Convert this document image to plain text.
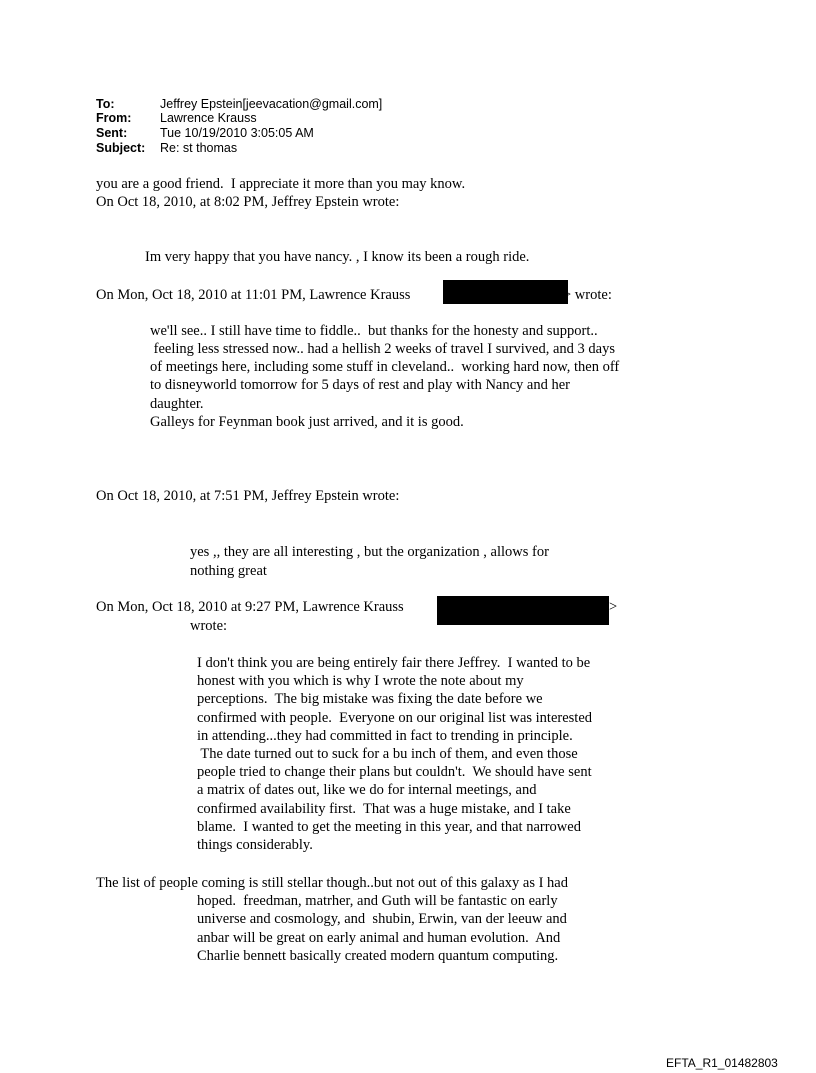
To:	Jeffrey Epstein[jeevacation@gmail.com]
From: Lawrence Krauss
Sent:	Tue 10/19/2010 3:05:05 AM
Subject: Re: st thomas

you are a good friend.  I appreciate it more than you may know.

On Oct 18, 2010, at 8:02 PM, Jeffrey Epstein wrote:

Im very happy that you have nancy. , I know its been a rough ride.

On Mon, Oct 18, 2010 at 11:01 PM, Lawrence Krauss	> wrote:

we'll see.. I still have time to fiddle..  but thanks for the honesty and support..

feeling less stressed now.. had a hellish 2 weeks of travel I survived, and 3 days

of meetings here, including some stuff in cleveland..  working hard now, then off

to disneyworld tomorrow for 5 days of rest and play with Nancy and her

daughter.

Galleys for Feynman book just arrived, and it is good.

On Oct 18, 2010, at 7:51 PM, Jeffrey Epstein wrote:

yes ,, they are all interesting , but the organization , allows for

nothing great

On Mon, Oct 18, 2010 at 9:27 PM, Lawrence Krauss	>

wrote:

I don't think you are being entirely fair there Jeffrey.  I wanted to be

honest with you which is why I wrote the note about my

perceptions.  The big mistake was fixing the date before we

confirmed with people.  Everyone on our original list was interested

in attending...they had committed in fact to trending in principle.

The date turned out to suck for a bu inch of them, and even those

people tried to change their plans but couldn't.  We should have sent

a matrix of dates out, like we do for internal meetings, and

confirmed availability first.  That was a huge mistake, and I take

blame.  I wanted to get the meeting in this year, and that narrowed

things considerably.

The list of people coming is still stellar though..but not out of this galaxy as I had

hoped.  freedman, matrher, and Guth will be fantastic on early

universe and cosmology, and  shubin, Erwin, van der leeuw and

anbar will be great on early animal and human evolution.  And

Charlie bennett basically created modern quantum computing.

EFTA_R1_01482803
